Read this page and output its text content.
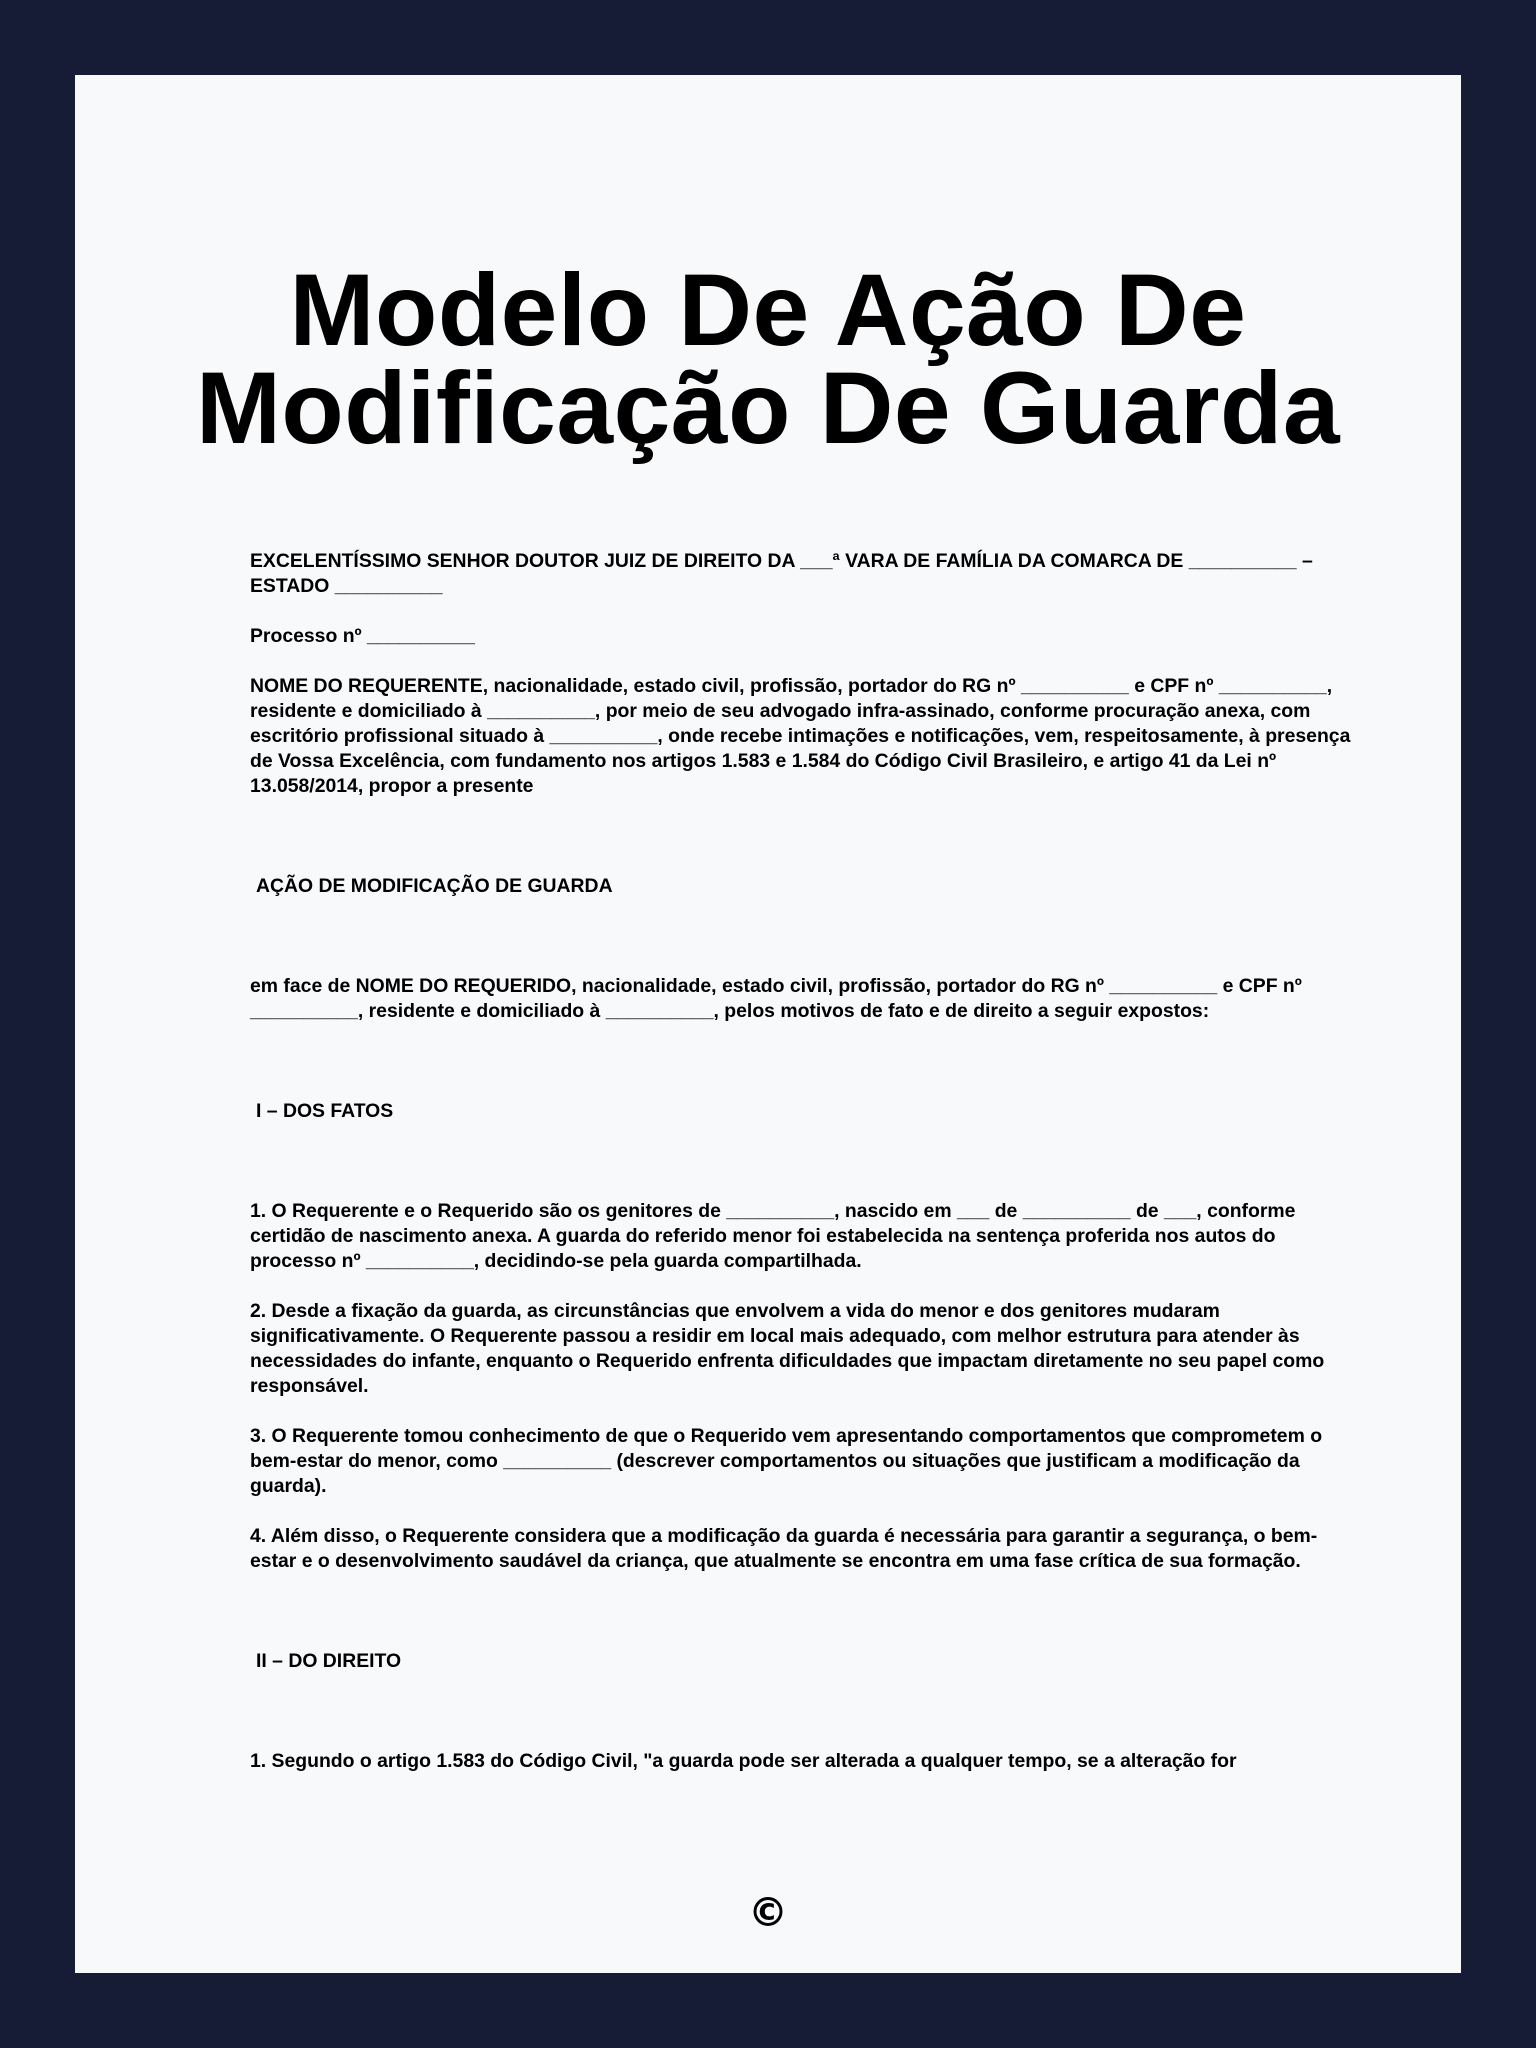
Modelo De Ação De
Modificação De Guarda

EXCELENTÍSSIMO SENHOR DOUTOR JUIZ DE DIREITO DA ___ª VARA DE FAMÍLIA DA COMARCA DE __________ – ESTADO __________

Processo nº __________

NOME DO REQUERENTE, nacionalidade, estado civil, profissão, portador do RG nº __________ e CPF nº __________, residente e domiciliado à __________, por meio de seu advogado infra-assinado, conforme procuração anexa, com escritório profissional situado à __________, onde recebe intimações e notificações, vem, respeitosamente, à presença de Vossa Excelência, com fundamento nos artigos 1.583 e 1.584 do Código Civil Brasileiro, e artigo 41 da Lei nº 13.058/2014, propor a presente

AÇÃO DE MODIFICAÇÃO DE GUARDA

em face de NOME DO REQUERIDO, nacionalidade, estado civil, profissão, portador do RG nº __________ e CPF nº __________, residente e domiciliado à __________, pelos motivos de fato e de direito a seguir expostos:

I – DOS FATOS

1. O Requerente e o Requerido são os genitores de __________, nascido em ___ de __________ de ___, conforme certidão de nascimento anexa. A guarda do referido menor foi estabelecida na sentença proferida nos autos do processo nº __________, decidindo-se pela guarda compartilhada.

2. Desde a fixação da guarda, as circunstâncias que envolvem a vida do menor e dos genitores mudaram significativamente. O Requerente passou a residir em local mais adequado, com melhor estrutura para atender às necessidades do infante, enquanto o Requerido enfrenta dificuldades que impactam diretamente no seu papel como responsável.

3. O Requerente tomou conhecimento de que o Requerido vem apresentando comportamentos que comprometem o bem-estar do menor, como __________ (descrever comportamentos ou situações que justificam a modificação da guarda).

4. Além disso, o Requerente considera que a modificação da guarda é necessária para garantir a segurança, o bem-estar e o desenvolvimento saudável da criança, que atualmente se encontra em uma fase crítica de sua formação.

II – DO DIREITO

1. Segundo o artigo 1.583 do Código Civil, "a guarda pode ser alterada a qualquer tempo, se a alteração for

©
